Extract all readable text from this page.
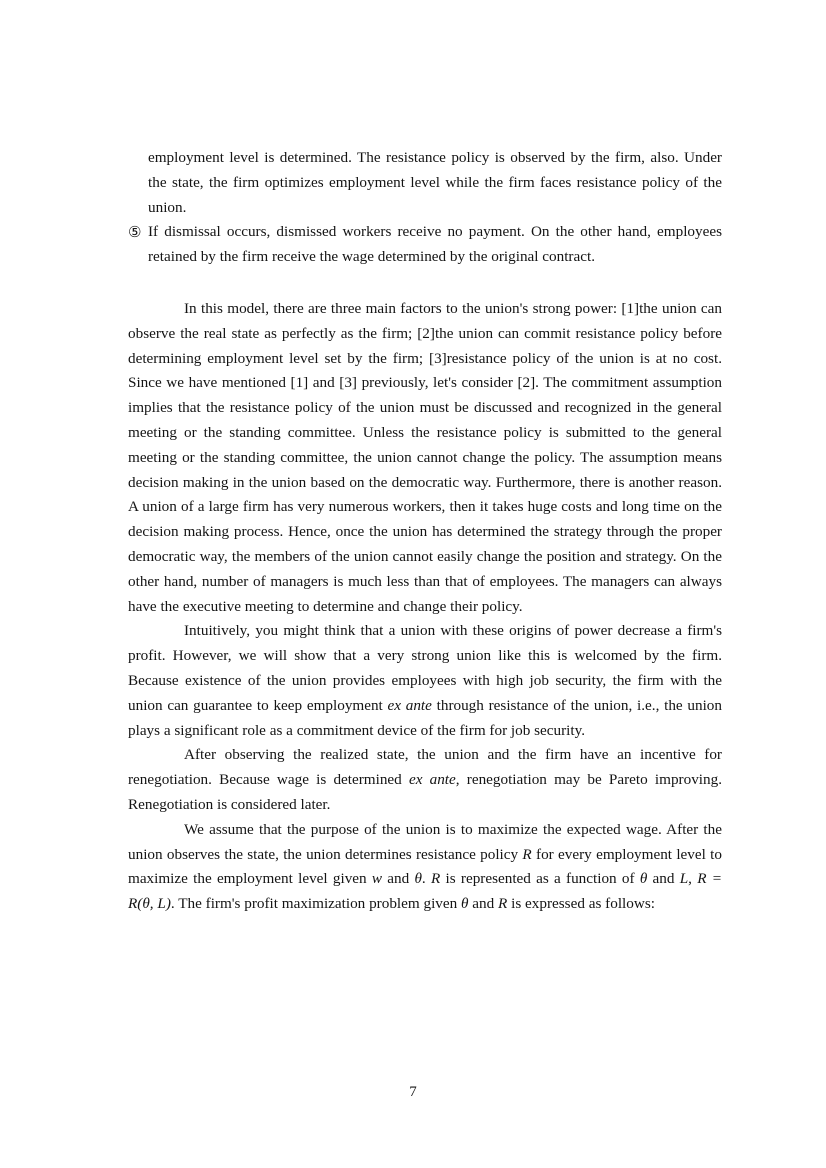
employment level is determined. The resistance policy is observed by the firm, also. Under the state, the firm optimizes employment level while the firm faces resistance policy of the union.

⑤ If dismissal occurs, dismissed workers receive no payment. On the other hand, employees retained by the firm receive the wage determined by the original contract.

In this model, there are three main factors to the union's strong power: [1]the union can observe the real state as perfectly as the firm; [2]the union can commit resistance policy before determining employment level set by the firm; [3]resistance policy of the union is at no cost. Since we have mentioned [1] and [3] previously, let's consider [2]. The commitment assumption implies that the resistance policy of the union must be discussed and recognized in the general meeting or the standing committee. Unless the resistance policy is submitted to the general meeting or the standing committee, the union cannot change the policy. The assumption means decision making in the union based on the democratic way. Furthermore, there is another reason. A union of a large firm has very numerous workers, then it takes huge costs and long time on the decision making process. Hence, once the union has determined the strategy through the proper democratic way, the members of the union cannot easily change the position and strategy. On the other hand, number of managers is much less than that of employees. The managers can always have the executive meeting to determine and change their policy.

Intuitively, you might think that a union with these origins of power decrease a firm's profit. However, we will show that a very strong union like this is welcomed by the firm. Because existence of the union provides employees with high job security, the firm with the union can guarantee to keep employment ex ante through resistance of the union, i.e., the union plays a significant role as a commitment device of the firm for job security.

After observing the realized state, the union and the firm have an incentive for renegotiation. Because wage is determined ex ante, renegotiation may be Pareto improving. Renegotiation is considered later.

We assume that the purpose of the union is to maximize the expected wage. After the union observes the state, the union determines resistance policy R for every employment level to maximize the employment level given w and θ. R is represented as a function of θ and L, R = R(θ, L). The firm's profit maximization problem given θ and R is expressed as follows:

7
